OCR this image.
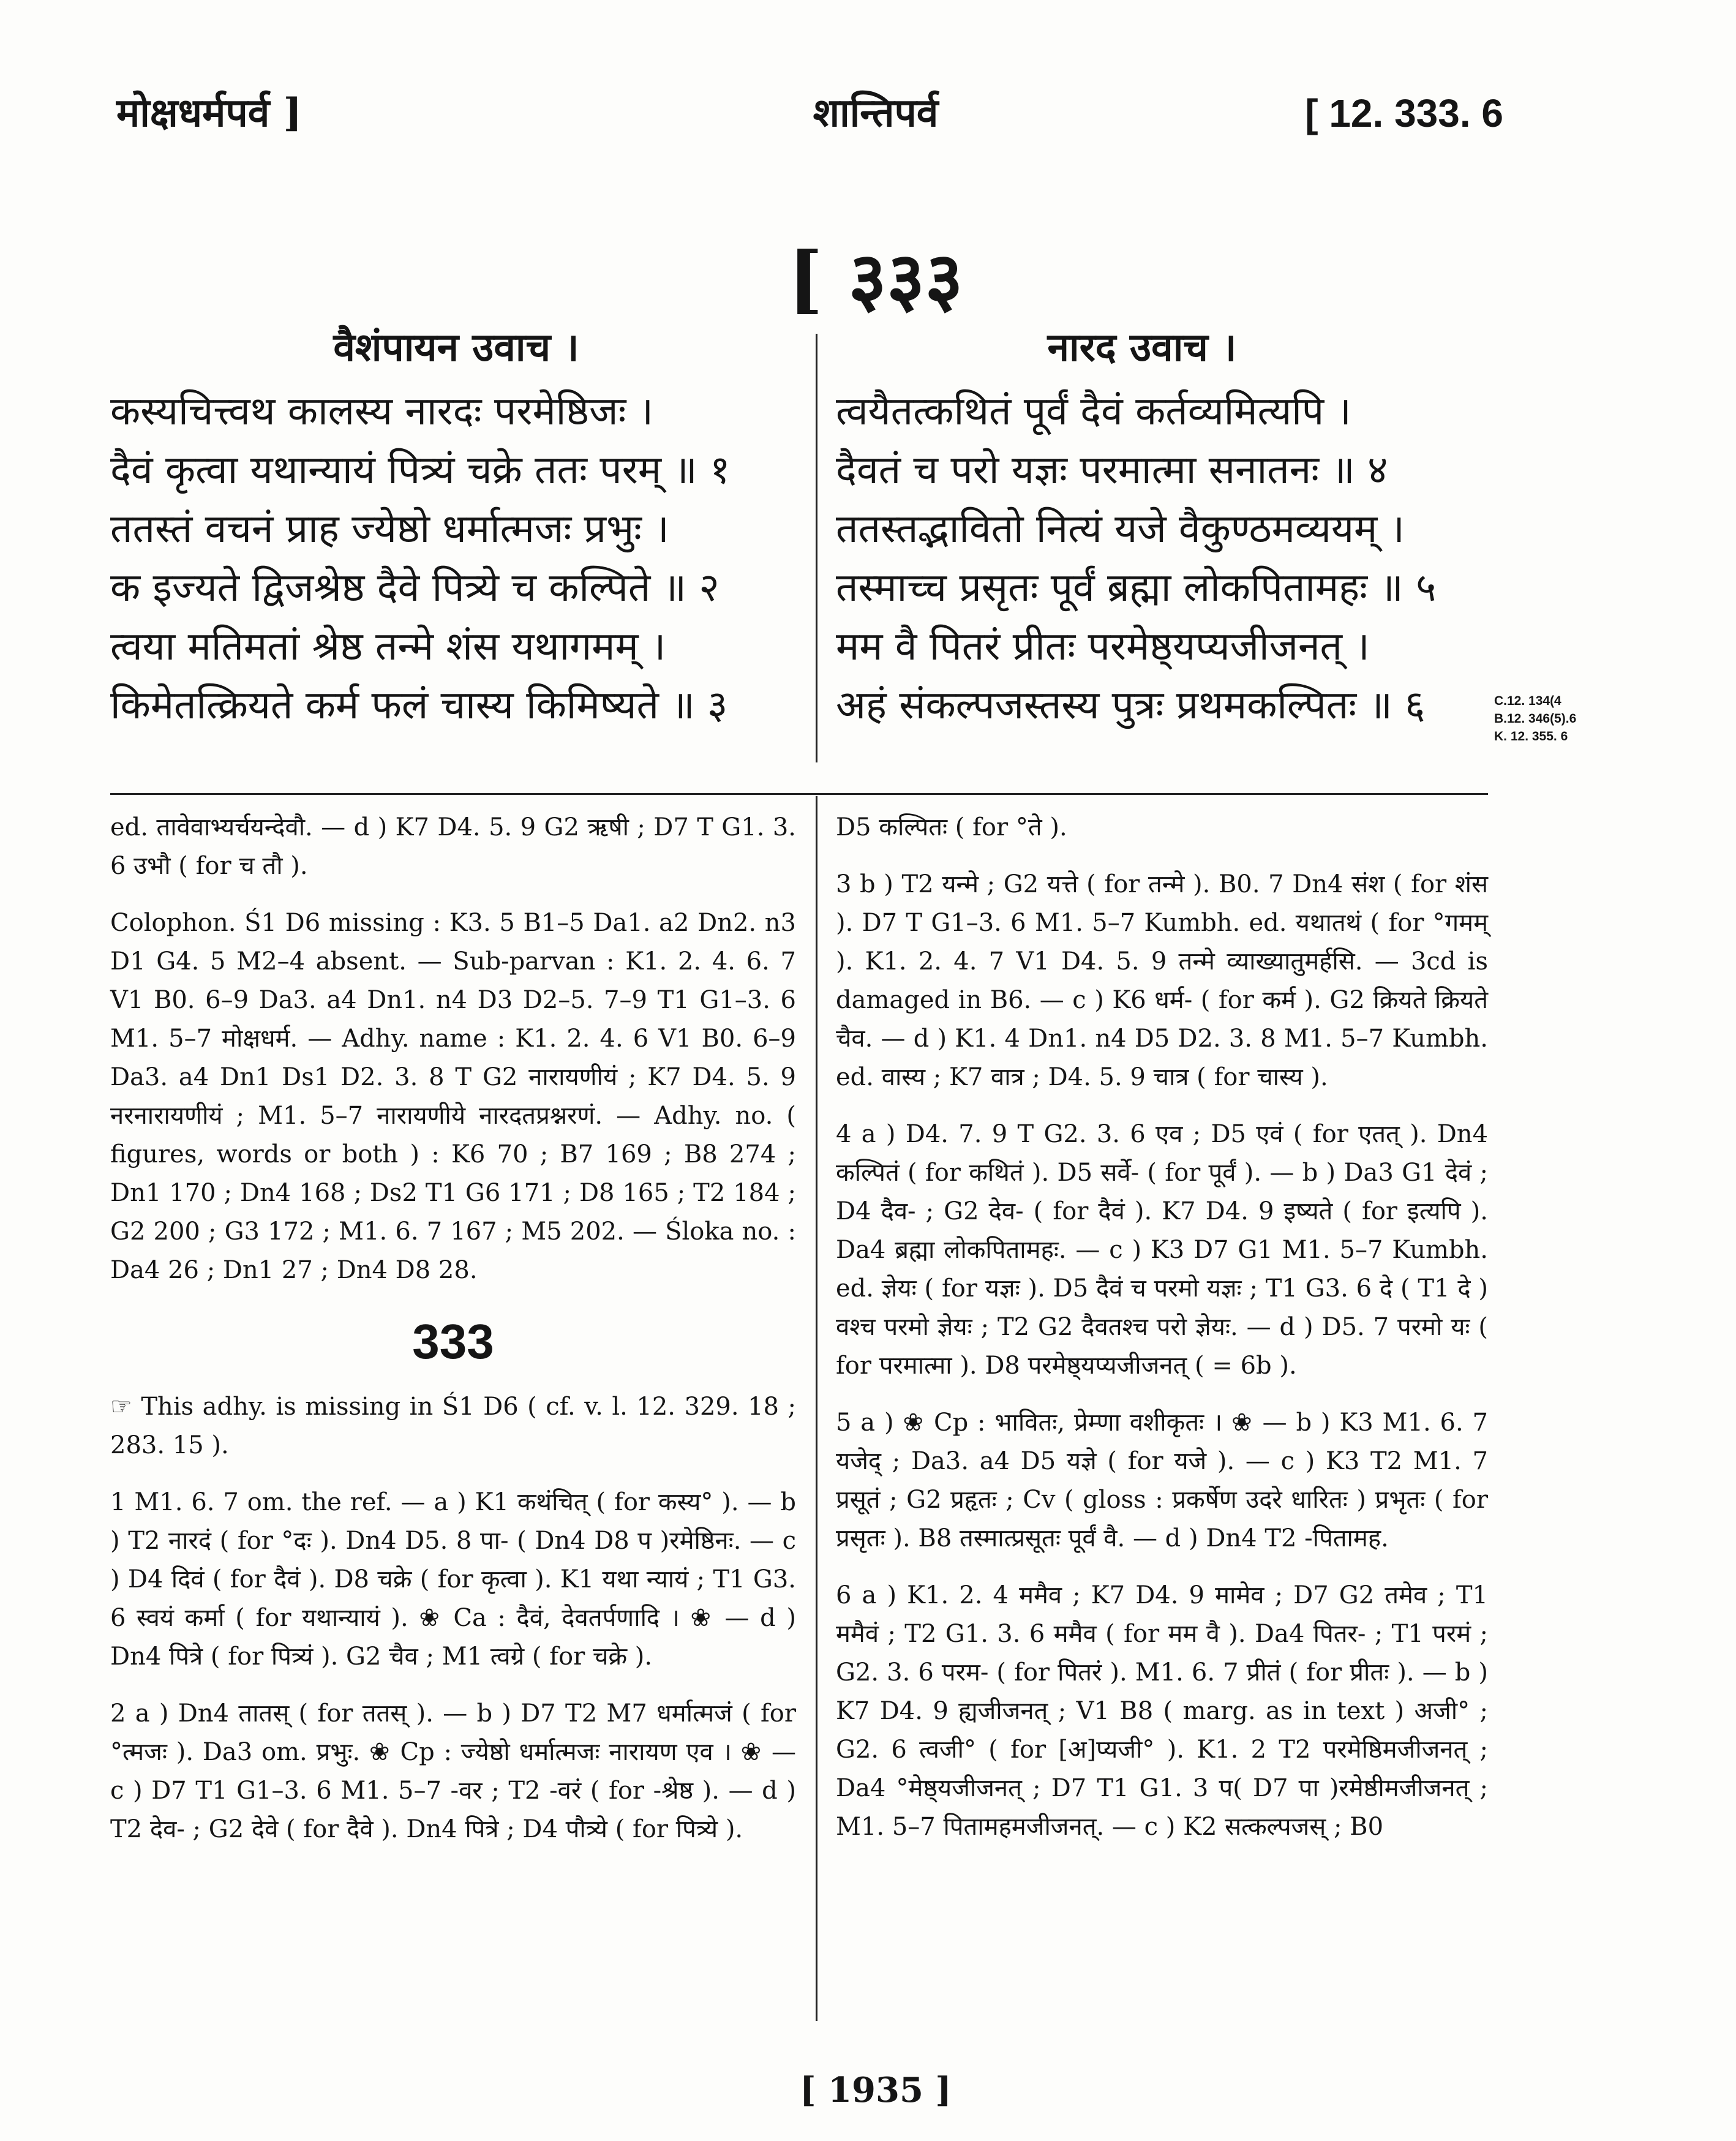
मोक्षधर्मपर्व ]	शान्तिपर्व	[ 12. 333. 6
[ ३३३
वैशंपायन उवाच ।
कस्यचित्त्वथ कालस्य नारदः परमेष्ठिजः ।
दैवं कृत्वा यथान्यायं पित्र्यं चक्रे ततः परम् ॥ १
ततस्तं वचनं प्राह ज्येष्ठो धर्मात्मजः प्रभुः ।
क इज्यते द्विजश्रेष्ठ दैवे पित्र्ये च कल्पिते ॥ २
त्वया मतिमतां श्रेष्ठ तन्मे शंस यथागमम् ।
किमेतत्क्रियते कर्म फलं चास्य किमिष्यते ॥ ३
नारद उवाच ।
त्वयैतत्कथितं पूर्वं दैवं कर्तव्यमित्यपि ।
दैवतं च परो यज्ञः परमात्मा सनातनः ॥ ४
ततस्तद्भावितो नित्यं यजे वैकुण्ठमव्ययम् ।
तस्माच्च प्रसृतः पूर्वं ब्रह्मा लोकपितामहः ॥ ५
मम वै पितरं प्रीतः परमेष्ठ्यप्यजीजनत् ।
अहं संकल्पजस्तस्य पुत्रः प्रथमकल्पितः ॥ ६	C.12. 134(4
B.12. 346(5).6
K. 12. 355. 6

ed. तावेवाभ्यर्चयन्देवौ. — d ) K7 D4. 5. 9 G2 ऋषी ; D7 T G1. 3. 6 उभौ ( for च तौ ).

Colophon. Ś1 D6 missing : K3. 5 B1–5 Da1. a2 Dn2. n3 D1 G4. 5 M2–4 absent. — Sub-parvan : K1. 2. 4. 6. 7 V1 B0. 6–9 Da3. a4 Dn1. n4 D3 D2–5. 7–9 T1 G1–3. 6 M1. 5–7 मोक्षधर्म. — Adhy. name : K1. 2. 4. 6 V1 B0. 6–9 Da3. a4 Dn1 Ds1 D2. 3. 8 T G2 नारायणीयं ; K7 D4. 5. 9 नरनारायणीयं ; M1. 5–7 नारायणीये नारदतप्रश्नरणं. — Adhy. no. ( figures, words or both ) : K6 70 ; B7 169 ; B8 274 ; Dn1 170 ; Dn4 168 ; Ds2 T1 G6 171 ; D8 165 ; T2 184 ; G2 200 ; G3 172 ; M1. 6. 7 167 ; M5 202. — Śloka no. : Da4 26 ; Dn1 27 ; Dn4 D8 28.

333

☞ This adhy. is missing in Ś1 D6 ( cf. v. l. 12. 329. 18 ; 283. 15 ).

1 M1. 6. 7 om. the ref. — a ) K1 कथंचित् ( for कस्य° ). — b ) T2 नारदं ( for °दः ). Dn4 D5. 8 पा- ( Dn4 D8 प )रमेष्ठिनः. — c ) D4 दिवं ( for दैवं ). D8 चक्रे ( for कृत्वा ). K1 यथा न्यायं ; T1 G3. 6 स्वयं कर्मा ( for यथान्यायं ). ❀ Ca : दैवं, देवतर्पणादि । ❀ — d ) Dn4 पित्रे ( for पित्र्यं ). G2 चैव ; M1 त्वग्रे ( for चक्रे ).

2 a ) Dn4 तातस् ( for ततस् ). — b ) D7 T2 M7 धर्मात्मजं ( for °त्मजः ). Da3 om. प्रभुः. ❀ Cp : ज्येष्ठो धर्मात्मजः नारायण एव । ❀ — c ) D7 T1 G1–3. 6 M1. 5–7 -वर ; T2 -वरं ( for -श्रेष्ठ ). — d ) T2 देव- ; G2 देवे ( for दैवे ). Dn4 पित्रे ; D4 पौत्र्ये ( for पित्र्ये ).

D5 कल्पितः ( for °ते ).

3 b ) T2 यन्मे ; G2 यत्ते ( for तन्मे ). B0. 7 Dn4 संश ( for शंस ). D7 T G1–3. 6 M1. 5–7 Kumbh. ed. यथातथं ( for °गमम् ). K1. 2. 4. 7 V1 D4. 5. 9 तन्मे व्याख्यातुमर्हसि. — 3cd is damaged in B6. — c ) K6 धर्म- ( for कर्म ). G2 क्रियते क्रियते चैव. — d ) K1. 4 Dn1. n4 D5 D2. 3. 8 M1. 5–7 Kumbh. ed. वास्य ; K7 वात्र ; D4. 5. 9 चात्र ( for चास्य ).

4 a ) D4. 7. 9 T G2. 3. 6 एव ; D5 एवं ( for एतत् ). Dn4 कल्पितं ( for कथितं ). D5 सर्वे- ( for पूर्वं ). — b ) Da3 G1 देवं ; D4 दैव- ; G2 देव- ( for दैवं ). K7 D4. 9 इष्यते ( for इत्यपि ). Da4 ब्रह्मा लोकपितामहः. — c ) K3 D7 G1 M1. 5–7 Kumbh. ed. ज्ञेयः ( for यज्ञः ). D5 दैवं च परमो यज्ञः ; T1 G3. 6 दे ( T1 दे ) वश्च परमो ज्ञेयः ; T2 G2 दैवतश्च परो ज्ञेयः. — d ) D5. 7 परमो यः ( for परमात्मा ). D8 परमेष्ठ्यप्यजीजनत् ( = 6b ).

5 a ) ❀ Cp : भावितः, प्रेम्णा वशीकृतः । ❀ — b ) K3 M1. 6. 7 यजेद् ; Da3. a4 D5 यज्ञे ( for यजे ). — c ) K3 T2 M1. 7 प्रसूतं ; G2 प्रहृतः ; Cv ( gloss : प्रकर्षेण उदरे धारितः ) प्रभृतः ( for प्रसृतः ). B8 तस्मात्प्रसूतः पूर्वं वै. — d ) Dn4 T2 -पितामह.

6 a ) K1. 2. 4 ममैव ; K7 D4. 9 मामेव ; D7 G2 तमेव ; T1 ममैवं ; T2 G1. 3. 6 ममैव ( for मम वै ). Da4 पितर- ; T1 परमं ; G2. 3. 6 परम- ( for पितरं ). M1. 6. 7 प्रीतं ( for प्रीतः ). — b ) K7 D4. 9 ह्यजीजनत् ; V1 B8 ( marg. as in text ) अजी° ; G2. 6 त्वजी° ( for [अ]प्यजी° ). K1. 2 T2 परमेष्ठिमजीजनत् ; Da4 °मेष्ठ्यजीजनत् ; D7 T1 G1. 3 प( D7 पा )रमेष्ठीमजीजनत् ; M1. 5–7 पितामहमजीजनत्. — c ) K2 सत्कल्पजस् ; B0

[ 1935 ]
